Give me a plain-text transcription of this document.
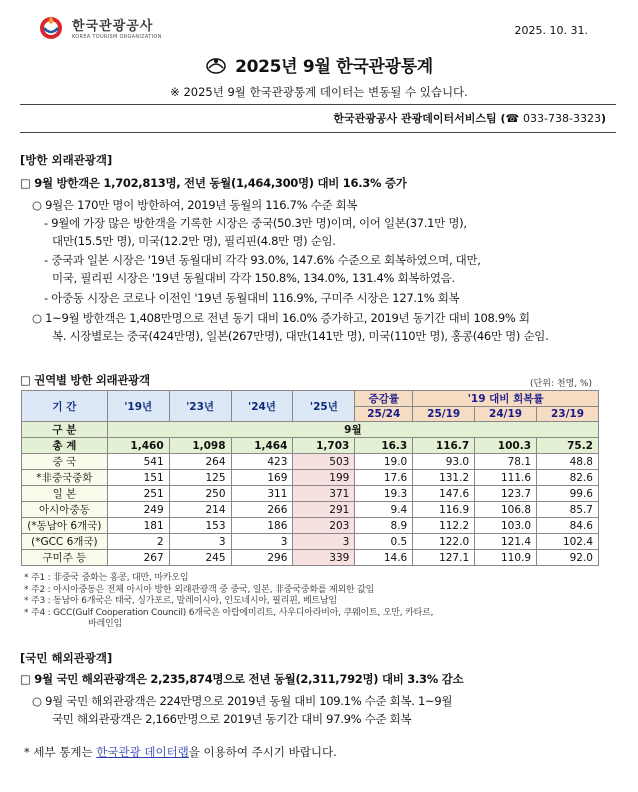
한국관광공사
KOREA TOURISM ORGANIZATION	2025. 10. 31.
2025년 9월 한국관광통계
※ 2025년 9월 한국관광통계 데이터는 변동될 수 있습니다.
한국관광공사 관광데이터서비스팀 (☎ 033-738-3323)
[방한 외래관광객]
□ 9월 방한객은 1,702,813명, 전년 동월(1,464,300명) 대비 16.3% 증가
○ 9월은 170만 명이 방한하여, 2019년 동월의 116.7% 수준 회복
- 9월에 가장 많은 방한객을 기록한 시장은 중국(50.3만 명)이며, 이어 일본(37.1만 명),
대만(15.5만 명), 미국(12.2만 명), 필리핀(4.8만 명) 순임.
- 중국과 일본 시장은 '19년 동월대비 각각 93.0%, 147.6% 수준으로 회복하였으며, 대만,
미국, 필리핀 시장은 '19년 동월대비 각각 150.8%, 134.0%, 131.4% 회복하였음.
- 아중동 시장은 코로나 이전인 '19년 동월대비 116.9%, 구미주 시장은 127.1% 회복
○ 1~9월 방한객은 1,408만명으로 전년 동기 대비 16.0% 증가하고, 2019년 동기간 대비 108.9% 회
복. 시장별로는 중국(424만명), 일본(267만명), 대만(141만 명), 미국(110만 명), 홍콩(46만 명) 순임.
□ 권역별 방한 외래관광객	(단위: 천명, %)
기 간	'19년	'23년	'24년	'25년	증감률	'19 대비 회복률		
					25/24	25/19	24/19	23/19
구 분	9월							
총 계	1,460	1,098	1,464	1,703	16.3	116.7	100.3	75.2
중 국	541	264	423	503	19.0	93.0	78.1	48.8
*非중국중화	151	125	169	199	17.6	131.2	111.6	82.6
일 본	251	250	311	371	19.3	147.6	123.7	99.6
아시아중동	249	214	266	291	9.4	116.9	106.8	85.7
(*동남아 6개국)	181	153	186	203	8.9	112.2	103.0	84.6
(*GCC 6개국)	2	3	3	3	0.5	122.0	121.4	102.4
구미주 등	267	245	296	339	14.6	127.1	110.9	92.0
* 주1 : 非중국 중화는 홍콩, 대만, 마카오임
* 주2 : 아시아중동은 전체 아시아 방한 외래관광객 중 중국, 일본, 非중국중화를 제외한 값임
* 주3 : 동남아 6개국은 태국, 싱가포르, 말레이시아, 인도네시아, 필리핀, 베트남임
* 주4 : GCC(Gulf Cooperation Council) 6개국은 아랍에미리트, 사우디아라비아, 쿠웨이트, 오만, 카타르,
바레인임
[국민 해외관광객]
□ 9월 국민 해외관광객은 2,235,874명으로 전년 동월(2,311,792명) 대비 3.3% 감소
○ 9월 국민 해외관광객은 224만명으로 2019년 동월 대비 109.1% 수준 회복. 1~9월
국민 해외관광객은 2,166만명으로 2019년 동기간 대비 97.9% 수준 회복
* 세부 통계는 한국관광 데이터랩을 이용하여 주시기 바랍니다.
